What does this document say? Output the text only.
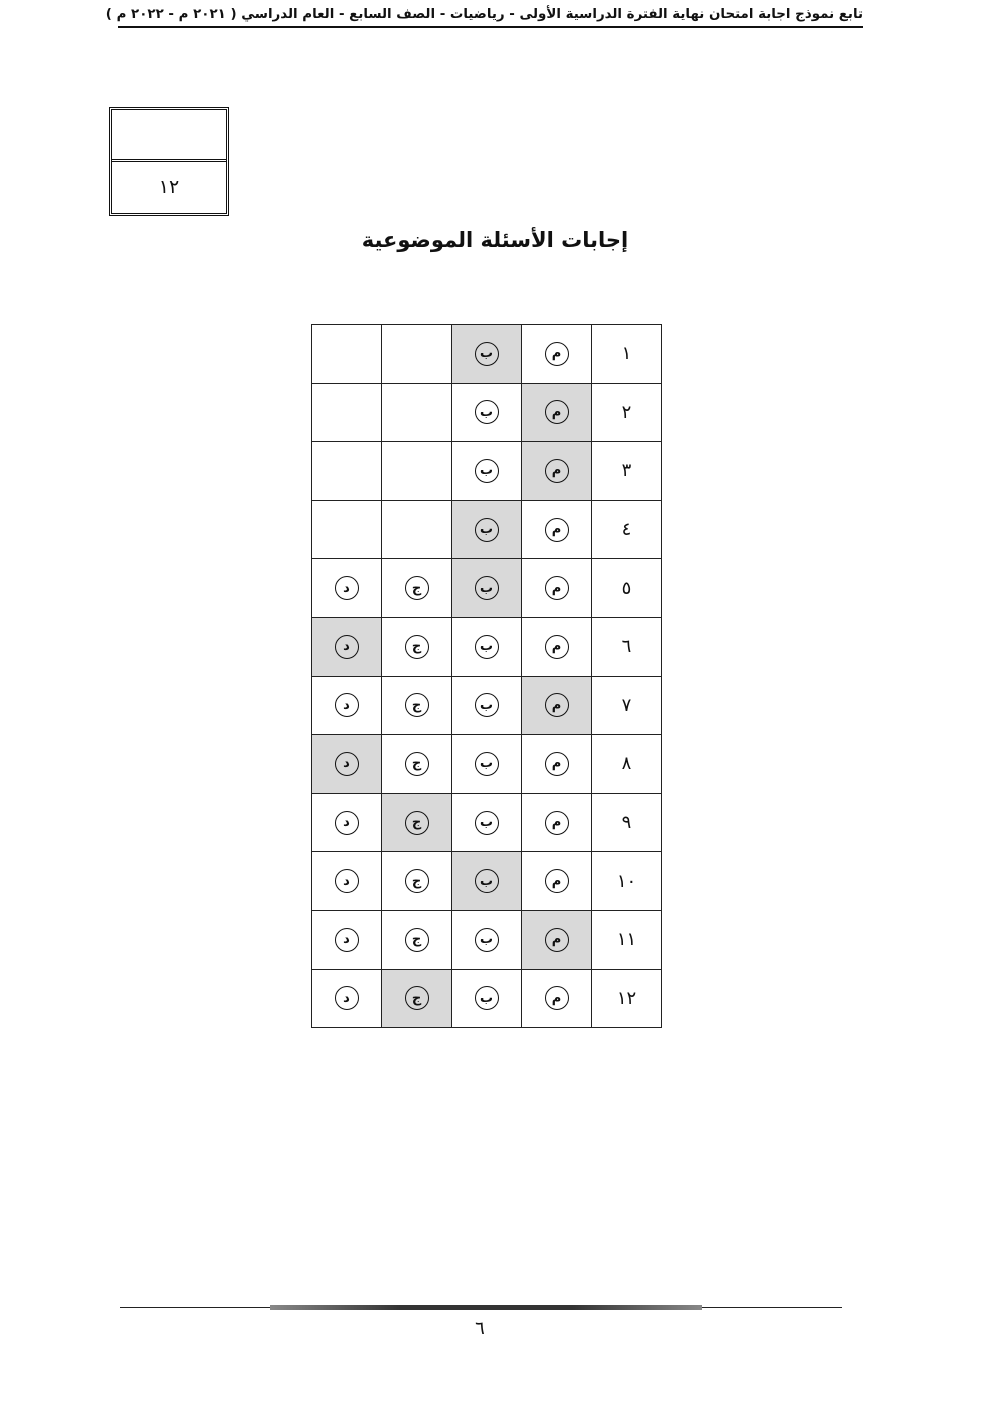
تابع نموذج اجابة امتحان نهاية الفترة الدراسية الأولى - رياضيات - الصف السابع - العام الدراسي ( ٢٠٢١ م - ٢٠٢٢ م )
١٢
إجابات الأسئلة الموضوعية
١	م	ب		
٢	م	ب		
٣	م	ب		
٤	م	ب		
٥	م	ب	ج	د
٦	م	ب	ج	د
٧	م	ب	ج	د
٨	م	ب	ج	د
٩	م	ب	ج	د
١٠	م	ب	ج	د
١١	م	ب	ج	د
١٢	م	ب	ج	د
٦
